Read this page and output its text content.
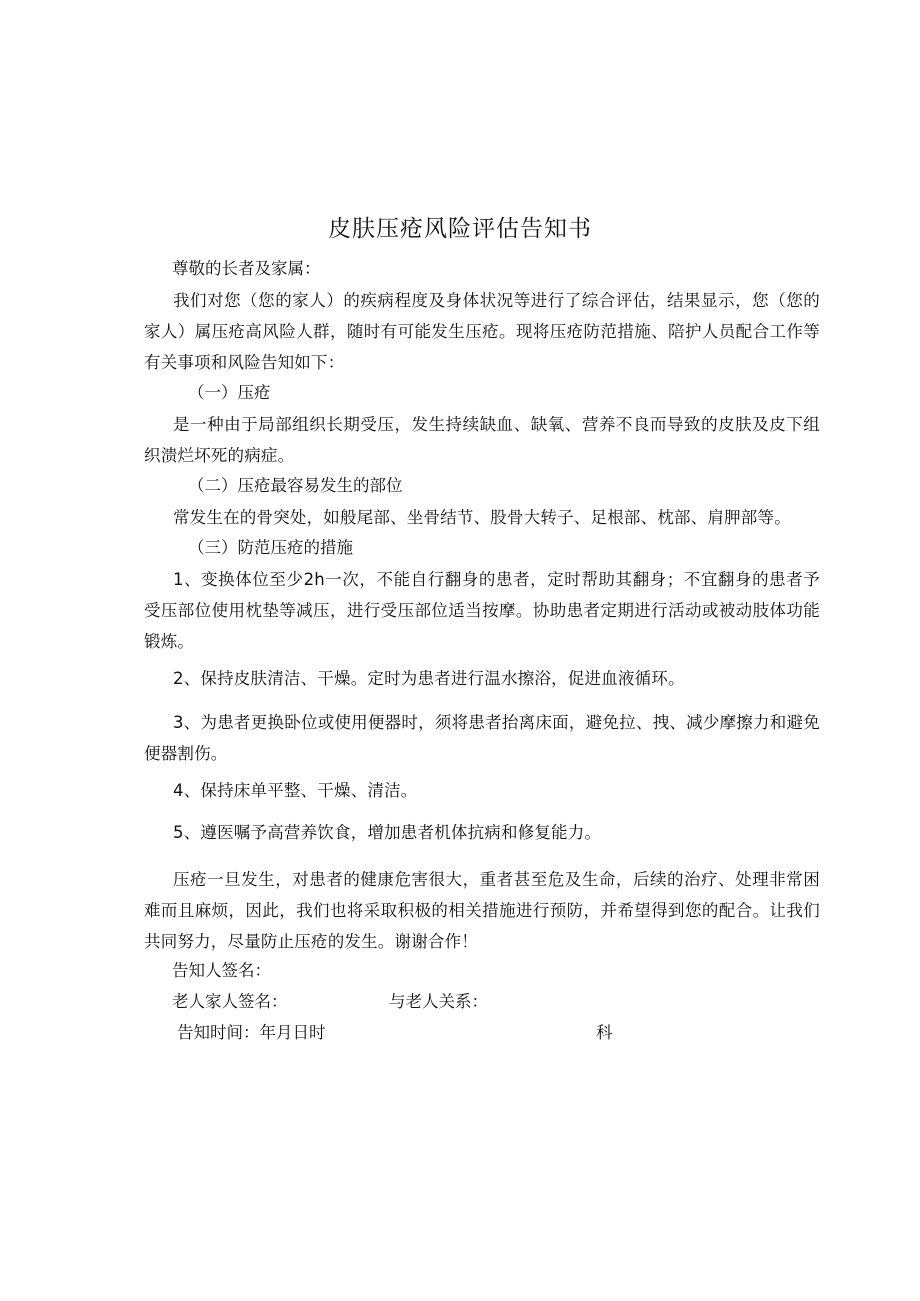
皮肤压疮风险评估告知书
尊敬的长者及家属：
我们对您（您的家人）的疾病程度及身体状况等进行了综合评估，结果显示，您（您的家人）属压疮高风险人群，随时有可能发生压疮。现将压疮防范措施、陪护人员配合工作等有关事项和风险告知如下：
（一）压疮
是一种由于局部组织长期受压，发生持续缺血、缺氧、营养不良而导致的皮肤及皮下组织溃烂坏死的病症。
（二）压疮最容易发生的部位
常发生在的骨突处，如般尾部、坐骨结节、股骨大转子、足根部、枕部、肩胛部等。
（三）防范压疮的措施
1、变换体位至少2h一次，不能自行翻身的患者，定时帮助其翻身；不宜翻身的患者予受压部位使用枕垫等减压，进行受压部位适当按摩。协助患者定期进行活动或被动肢体功能锻炼。
2、保持皮肤清洁、干燥。定时为患者进行温水擦浴，促进血液循环。
3、为患者更换卧位或使用便器时，须将患者抬离床面，避免拉、拽、减少摩擦力和避免便器割伤。
4、保持床单平整、干燥、清洁。
5、遵医嘱予高营养饮食，增加患者机体抗病和修复能力。
压疮一旦发生，对患者的健康危害很大，重者甚至危及生命，后续的治疗、处理非常困难而且麻烦，因此，我们也将采取积极的相关措施进行预防，并希望得到您的配合。让我们共同努力，尽量防止压疮的发生。谢谢合作！
告知人签名：
老人家人签名：	与老人关系：
告知时间：年月日时	科
